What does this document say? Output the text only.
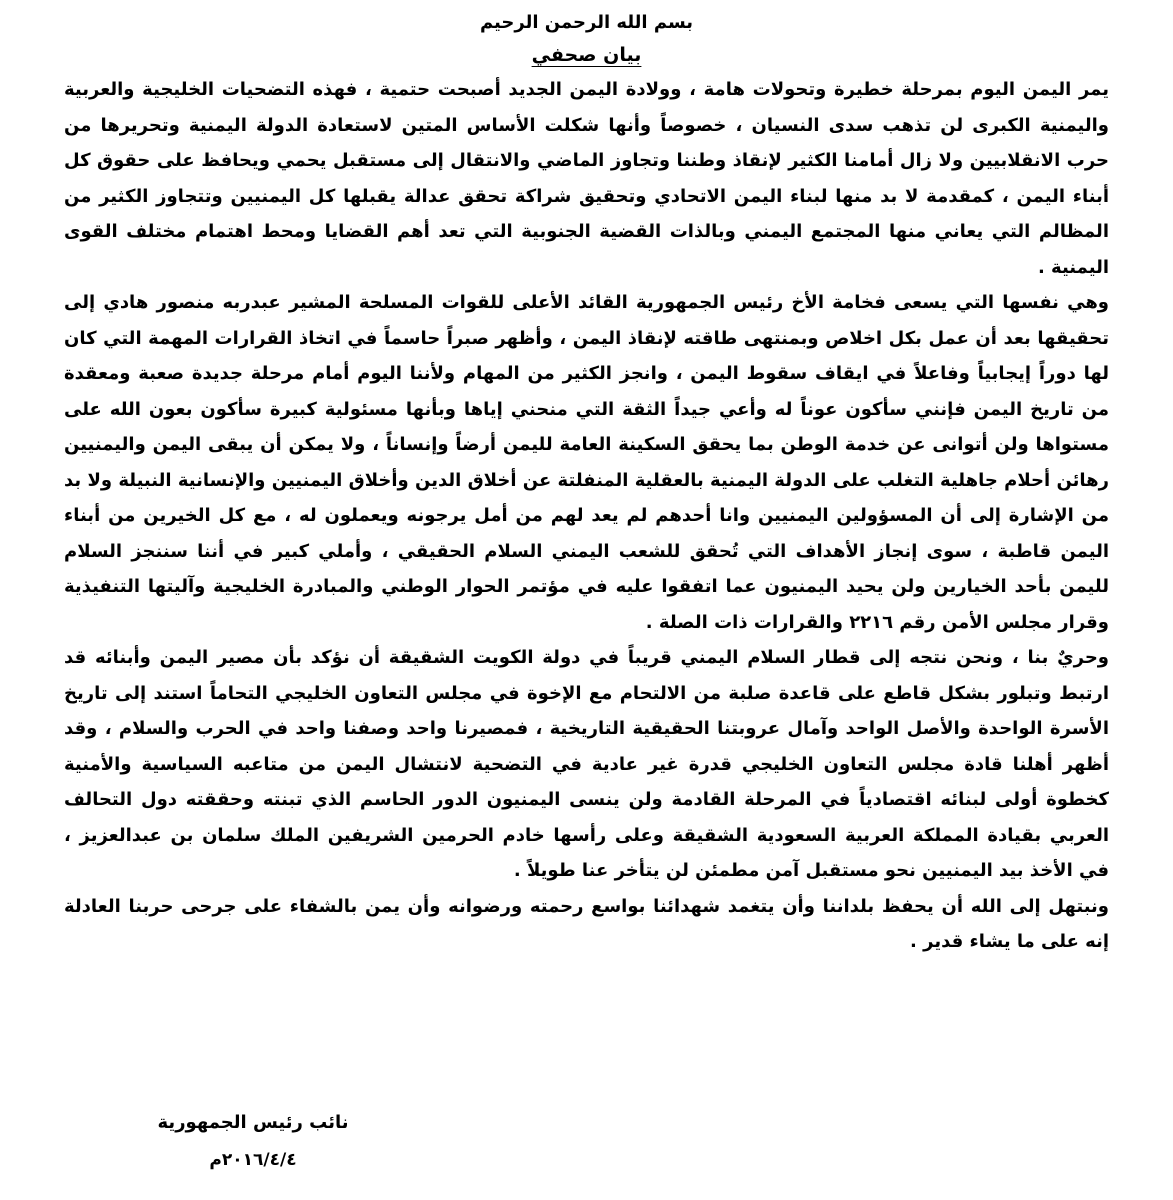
بسم الله الرحمن الرحيم
بيان صحفي

يمر اليمن اليوم بمرحلة خطيرة وتحولات هامة ، وولادة اليمن الجديد أصبحت حتمية ، فهذه التضحيات الخليجية والعربية واليمنية الكبرى لن تذهب سدى النسيان ، خصوصاً وأنها شكلت الأساس المتين لاستعادة الدولة اليمنية وتحريرها من حرب الانقلابيين ولا زال أمامنا الكثير لإنقاذ وطننا وتجاوز الماضي والانتقال إلى مستقبل يحمي ويحافظ على حقوق كل أبناء اليمن ، كمقدمة لا بد منها لبناء اليمن الاتحادي وتحقيق شراكة تحقق عدالة يقبلها كل اليمنيين وتتجاوز الكثير من المظالم التي يعاني منها المجتمع اليمني وبالذات القضية الجنوبية التي تعد أهم القضايا ومحط اهتمام مختلف القوى اليمنية .

وهي نفسها التي يسعى فخامة الأخ رئيس الجمهورية القائد الأعلى للقوات المسلحة المشير عبدربه منصور هادي إلى تحقيقها بعد أن عمل بكل اخلاص وبمنتهى طاقته لإنقاذ اليمن ، وأظهر صبراً حاسماً في اتخاذ القرارات المهمة التي كان لها دوراً إيجابياً وفاعلاً في ايقاف سقوط اليمن ، وانجز الكثير من المهام ولأننا اليوم أمام مرحلة جديدة صعبة ومعقدة من تاريخ اليمن فإنني سأكون عوناً له وأعي جيداً الثقة التي منحني إياها وبأنها مسئولية كبيرة سأكون بعون الله على مستواها ولن أتوانى عن خدمة الوطن بما يحقق السكينة العامة لليمن أرضاً وإنساناً ، ولا يمكن أن يبقى اليمن واليمنيين رهائن أحلام جاهلية التغلب على الدولة اليمنية بالعقلية المنفلتة عن أخلاق الدين وأخلاق اليمنيين والإنسانية النبيلة ولا بد من الإشارة إلى أن المسؤولين اليمنيين وانا أحدهم لم يعد لهم من أمل يرجونه ويعملون له ، مع كل الخيرين من أبناء اليمن قاطبة ، سوى إنجاز الأهداف التي تُحقق للشعب اليمني السلام الحقيقي ، وأملي كبير في أننا سننجز السلام لليمن بأحد الخيارين ولن يحيد اليمنيون عما اتفقوا عليه في مؤتمر الحوار الوطني والمبادرة الخليجية وآليتها التنفيذية وقرار مجلس الأمن رقم ٢٢١٦ والقرارات ذات الصلة .

وحريٌ بنا ، ونحن نتجه إلى قطار السلام اليمني قريباً في دولة الكويت الشقيقة أن نؤكد بأن مصير اليمن وأبنائه قد ارتبط وتبلور بشكل قاطع على قاعدة صلبة من الالتحام مع الإخوة في مجلس التعاون الخليجي التحاماً استند إلى تاريخ الأسرة الواحدة والأصل الواحد وآمال عروبتنا الحقيقية التاريخية ، فمصيرنا واحد وصفنا واحد في الحرب والسلام ، وقد أظهر أهلنا قادة مجلس التعاون الخليجي قدرة غير عادية في التضحية لانتشال اليمن من متاعبه السياسية والأمنية كخطوة أولى لبنائه اقتصادياً في المرحلة القادمة ولن ينسى اليمنيون الدور الحاسم الذي تبنته وحققته دول التحالف العربي بقيادة المملكة العربية السعودية الشقيقة وعلى رأسها خادم الحرمين الشريفين الملك سلمان بن عبدالعزيز ، في الأخذ بيد اليمنيين نحو مستقبل آمن مطمئن لن يتأخر عنا طويلاً .

ونبتهل إلى الله أن يحفظ بلداننا وأن يتغمد شهدائنا بواسع رحمته ورضوانه وأن يمن بالشفاء على جرحى حربنا العادلة إنه على ما يشاء قدير .

نائب رئيس الجمهورية
٢٠١٦/٤/٤م
